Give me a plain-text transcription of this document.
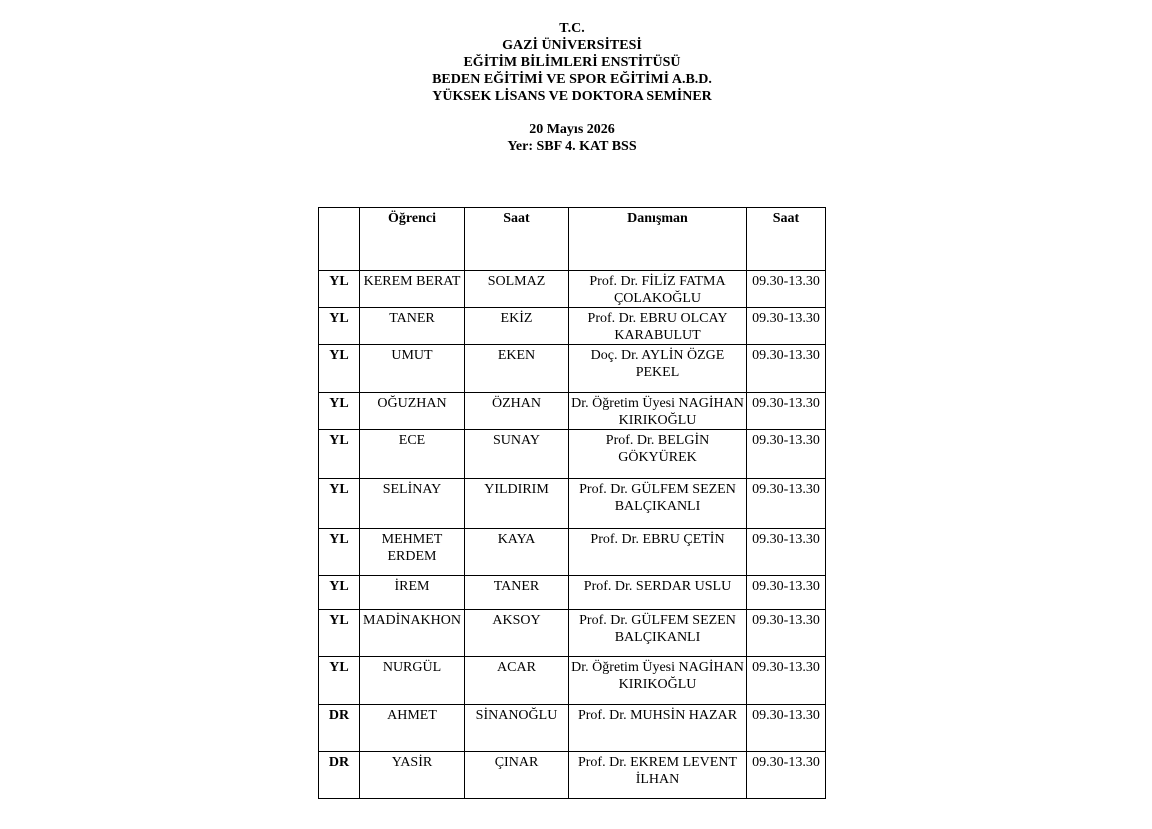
T.C.
GAZİ ÜNİVERSİTESİ
EĞİTİM BİLİMLERİ ENSTİTÜSÜ
BEDEN EĞİTİMİ VE SPOR EĞİTİMİ A.B.D.
YÜKSEK LİSANS VE DOKTORA SEMİNER
20 Mayıs 2026
Yer: SBF 4. KAT BSS
	Öğrenci	Saat	Danışman	Saat
YL	KEREM BERAT	SOLMAZ	Prof. Dr. FİLİZ FATMA ÇOLAKOĞLU	09.30-13.30
YL	TANER	EKİZ	Prof. Dr. EBRU OLCAY KARABULUT	09.30-13.30
YL	UMUT	EKEN	Doç. Dr. AYLİN ÖZGE PEKEL	09.30-13.30
YL	OĞUZHAN	ÖZHAN	Dr. Öğretim Üyesi NAGİHAN KIRIKOĞLU	09.30-13.30
YL	ECE	SUNAY	Prof. Dr. BELGİN GÖKYÜREK	09.30-13.30
YL	SELİNAY	YILDIRIM	Prof. Dr. GÜLFEM SEZEN BALÇIKANLI	09.30-13.30
YL	MEHMET ERDEM	KAYA	Prof. Dr. EBRU ÇETİN	09.30-13.30
YL	İREM	TANER	Prof. Dr. SERDAR USLU	09.30-13.30
YL	MADİNAKHON	AKSOY	Prof. Dr. GÜLFEM SEZEN BALÇIKANLI	09.30-13.30
YL	NURGÜL	ACAR	Dr. Öğretim Üyesi NAGİHAN KIRIKOĞLU	09.30-13.30
DR	AHMET	SİNANOĞLU	Prof. Dr. MUHSİN HAZAR	09.30-13.30
DR	YASİR	ÇINAR	Prof. Dr. EKREM LEVENT İLHAN	09.30-13.30
